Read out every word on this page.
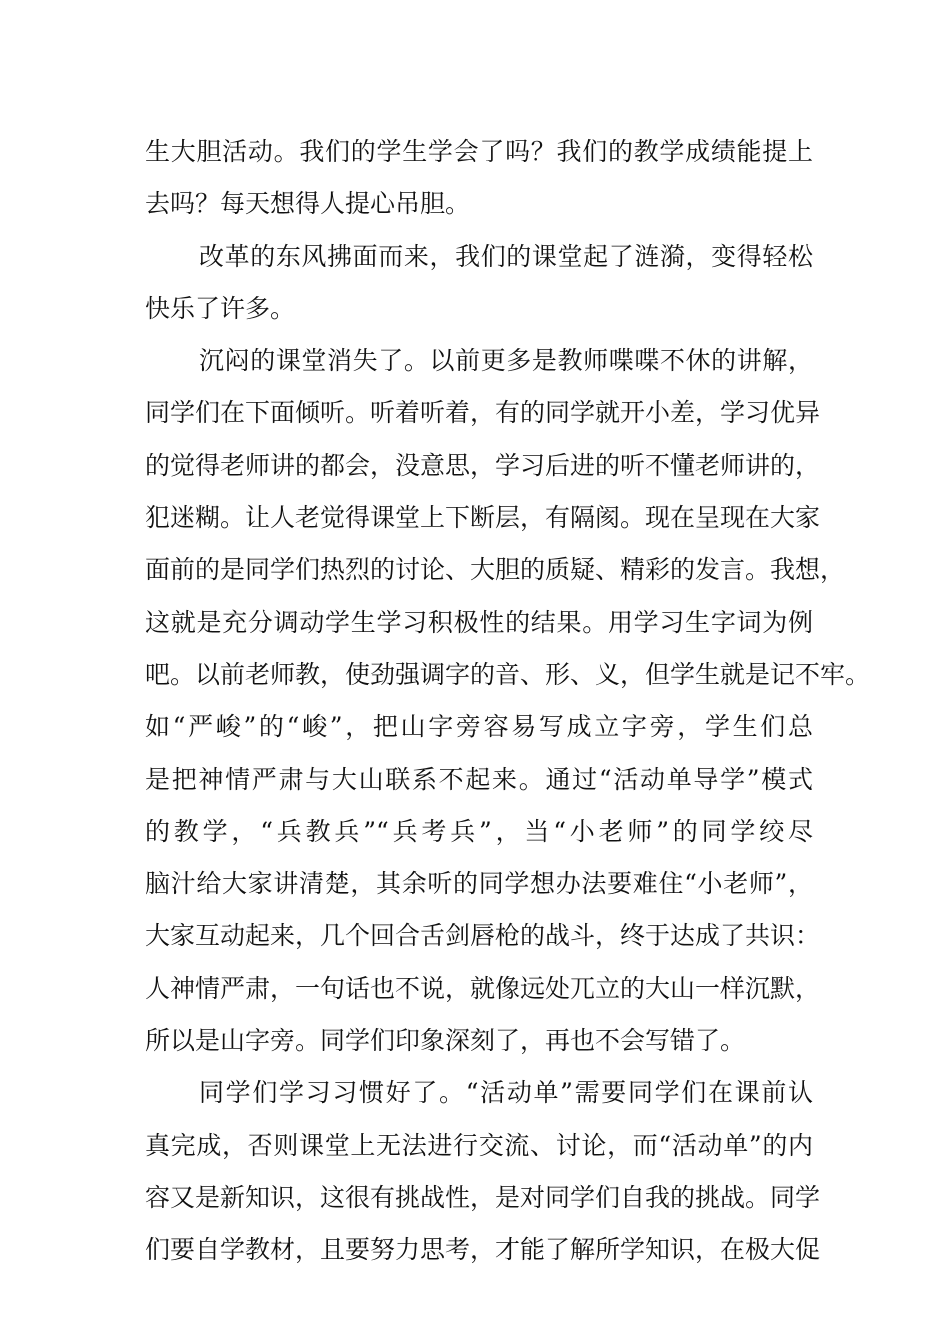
生大胆活动。我们的学生学会了吗？我们的教学成绩能提上
去吗？每天想得人提心吊胆。
改革的东风拂面而来，我们的课堂起了涟漪，变得轻松
快乐了许多。
沉闷的课堂消失了。以前更多是教师喋喋不休的讲解，
同学们在下面倾听。听着听着，有的同学就开小差，学习优异
的觉得老师讲的都会，没意思，学习后进的听不懂老师讲的，
犯迷糊。让人老觉得课堂上下断层，有隔阂。现在呈现在大家
面前的是同学们热烈的讨论、大胆的质疑、精彩的发言。我想，
这就是充分调动学生学习积极性的结果。用学习生字词为例
吧。以前老师教，使劲强调字的音、形、义，但学生就是记不牢。
如“严峻”的“峻”，把山字旁容易写成立字旁，学生们总
是把神情严肃与大山联系不起来。通过“活动单导学”模式
的教学，“兵教兵”“兵考兵”，当“小老师”的同学绞尽
脑汁给大家讲清楚，其余听的同学想办法要难住“小老师”，
大家互动起来，几个回合舌剑唇枪的战斗，终于达成了共识：
人神情严肃，一句话也不说，就像远处兀立的大山一样沉默，
所以是山字旁。同学们印象深刻了，再也不会写错了。
同学们学习习惯好了。“活动单”需要同学们在课前认
真完成，否则课堂上无法进行交流、讨论，而“活动单”的内
容又是新知识，这很有挑战性，是对同学们自我的挑战。同学
们要自学教材，且要努力思考，才能了解所学知识，在极大促
